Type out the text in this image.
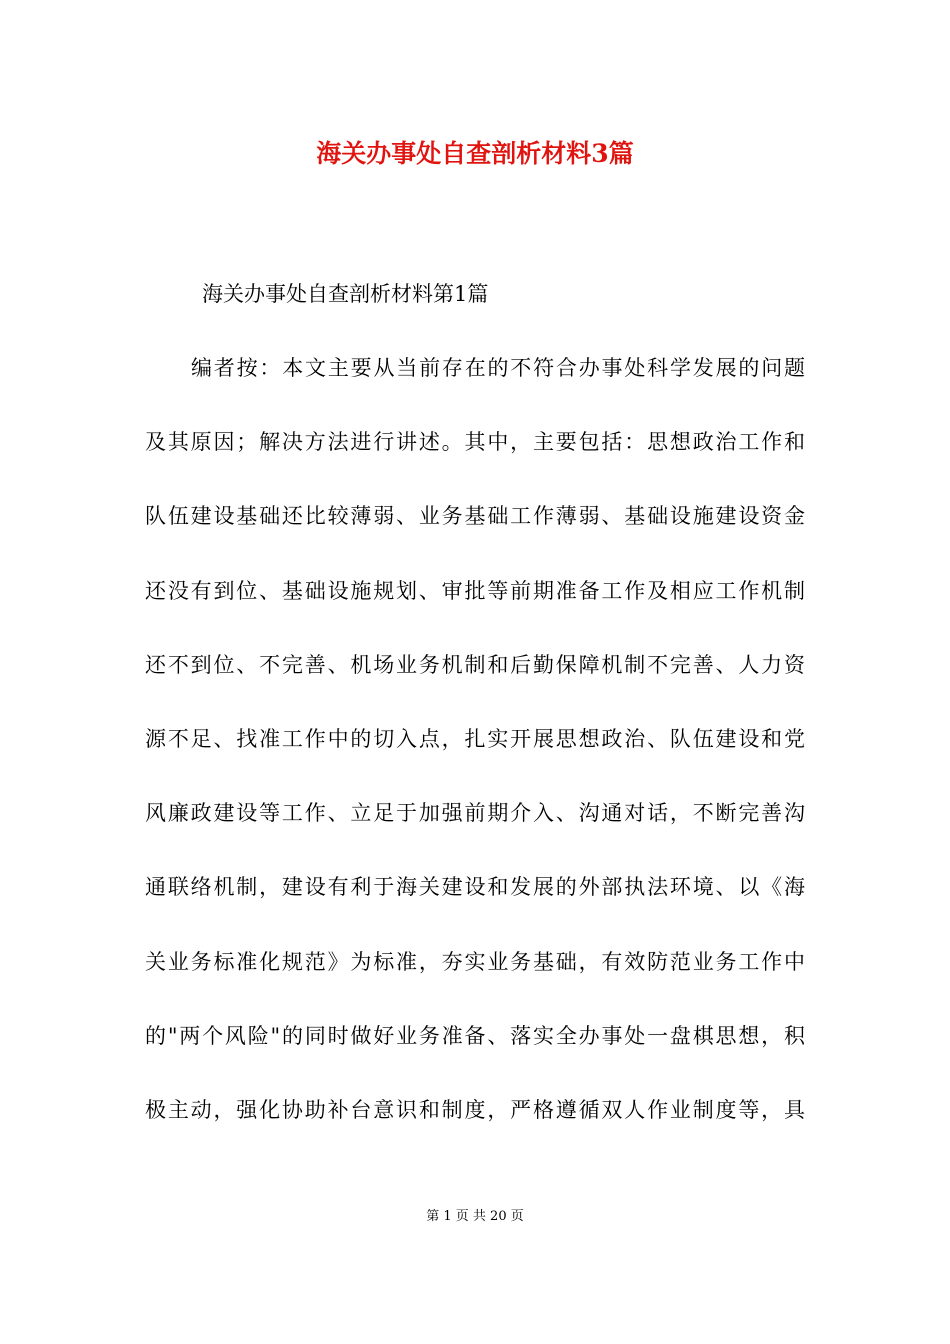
海关办事处自查剖析材料3篇
海关办事处自查剖析材料第1篇
编者按：本文主要从当前存在的不符合办事处科学发展的问题
及其原因；解决方法进行讲述。其中，主要包括：思想政治工作和
队伍建设基础还比较薄弱、业务基础工作薄弱、基础设施建设资金
还没有到位、基础设施规划、审批等前期准备工作及相应工作机制
还不到位、不完善、机场业务机制和后勤保障机制不完善、人力资
源不足、找准工作中的切入点，扎实开展思想政治、队伍建设和党
风廉政建设等工作、立足于加强前期介入、沟通对话，不断完善沟
通联络机制，建设有利于海关建设和发展的外部执法环境、以《海
关业务标准化规范》为标准，夯实业务基础，有效防范业务工作中
的"两个风险"的同时做好业务准备、落实全办事处一盘棋思想，积
极主动，强化协助补台意识和制度，严格遵循双人作业制度等，具
第 1 页 共 20 页
